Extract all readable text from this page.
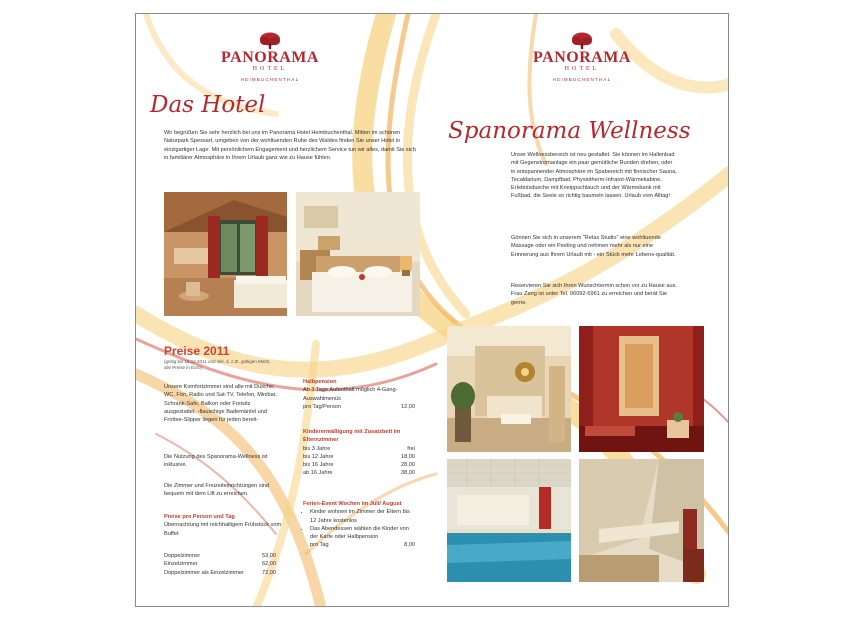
PANORAMA
HOTEL
HEIMBUCHENTHAL
PANORAMA
HOTEL
HEIMBUCHENTHAL
Das Hotel

Wir begrüßen Sie sehr herzlich bei uns im Panorama Hotel Heimbuchenthal. Mitten im schönen Naturpark Spessart, umgeben von der wohltuenden Ruhe des Waldes finden Sie unser Hotel in einzigartiger Lage. Mit persönlichem Engagement und herzlichem Service tun wir alles, damit Sie sich in familiärer Atmosphäre in Ihrem Urlaub ganz wie zu Hause fühlen.

Preise 2011
(gültig bis 19.12.2011 und inkl. d. z.Zt. gültigen MwSt, alle Preise in Euro)

Unsere Komfortzimmer sind alle mit Dusche, WC, Fön, Radio und Sat-TV, Telefon, Minibar, Schrank-Safe, Balkon oder Freisitz ausgestattet. -flauschige Bademäntel und Frottee-Slipper liegen für jeden bereit-

Die Nutzung des Spanorama-Wellness ist inklusive.

Die Zimmer und Freizeiteinrichtungen sind bequem mit dem Lift zu erreichen.

Preise pro Person und Tag
Übernachtung mit reichhaltigem Frühstück vom Buffet
Doppelzimmer	53,00
Einzelzimmer	62,00
Doppelzimmer als Einzelzimmer	72,00
Halbpension
Ab 3 Tage Aufenthalt möglich 4-Gang-Auswahlmenüs
pro Tag/Person	12,00
Kinderermäßigung mit Zusatzbett im Elternzimmer
bis 3 Jahre	frei
bis 12 Jahre	18,00
bis 16 Jahre	28,00
ab 16 Jahre	38,00
Ferien-Event Wochen im Juli/ August
• Kinder wohnen im Zimmer der Eltern bis 12 Jahre kostenlos
• Das Abendessen wählen die Kinder von der Karte oder Halbpension
pro Tag	8,00
Spanorama Wellness

Unser Wellnessbereich ist neu gestaltet. Sie können im Hallenbad mit Gegenstromanlage ein paar gemütliche Runden drehen, oder in entspannender Atmosphäre im Spabereich mit finnischer Sauna, Tecaldarium, Dampfbad, Physiotherm-Infrarot-Wärmekabine, Erlebnisdusche mit Kneippschlauch und der Wärmebank mit Fußbad, die Seele so richtig baumeln lassen. Urlaub vom Alltag!

Gönnen Sie sich in unserem "Relax Studio" eine wohltuende Massage oder ein Peeling und nehmen mehr als nur eine Erinnerung aus Ihrem Urlaub mit - ein Stück mehr Lebens-qualität.

Reservieren Sie sich Ihren Wunschtermin schon vor zu Hause aus. Frau Zang ist unter Tel. 06092-6961 zu erreichen und berät Sie gerne.
